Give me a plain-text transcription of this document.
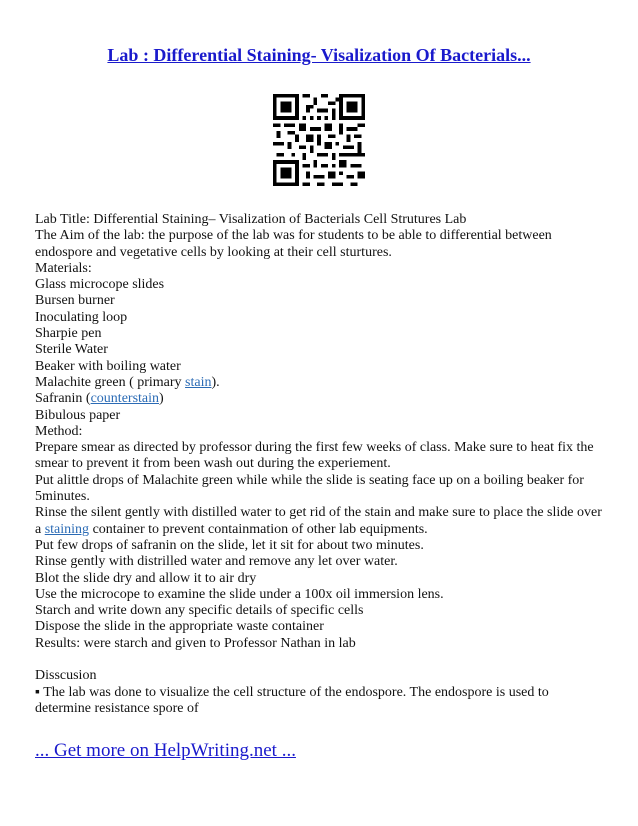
Lab : Differential Staining- Visalization Of Bacterials...

Lab Title: Differential Staining– Visalization of Bacterials Cell Strutures Lab

The Aim of the lab: the purpose of the lab was for students to be able to differential between endospore and vegetative cells by looking at their cell sturtures.

Materials:

Glass microcope slides

Bursen burner

Inoculating loop

Sharpie pen

Sterile Water

Beaker with boiling water

Malachite green ( primary stain).

Safranin (counterstain)

Bibulous paper

Method:

Prepare smear as directed by professor during the first few weeks of class. Make sure to heat fix the smear to prevent it from been wash out during the experiement.

Put alittle drops of Malachite green while while the slide is seating face up on a boiling beaker for 5minutes.

Rinse the silent gently with distilled water to get rid of the stain and make sure to place the slide over a staining container to prevent containmation of other lab equipments.

Put few drops of safranin on the slide, let it sit for about two minutes.

Rinse gently with distrilled water and remove any let over water.

Blot the slide dry and allow it to air dry

Use the microcope to examine the slide under a 100x oil immersion lens.

Starch and write down any specific details of specific cells

Dispose the slide in the appropriate waste container

Results: were starch and given to Professor Nathan in lab

Disscusion

▪ The lab was done to visualize the cell structure of the endospore. The endospore is used to determine resistance spore of

... Get more on HelpWriting.net ...
